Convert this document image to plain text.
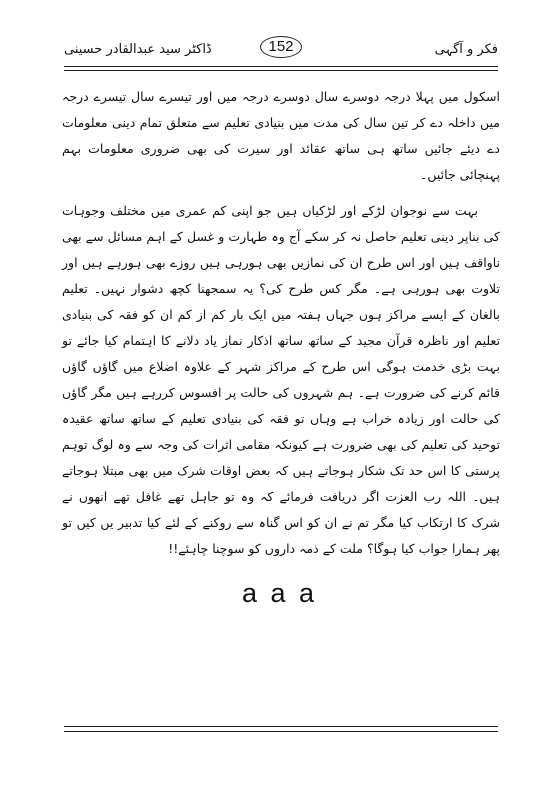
ڈاکٹر سید عبدالقادر حسینی	152	فکر و آگہی

اسکول میں پہلا درجہ دوسرے سال دوسرے درجہ میں اور تیسرے سال تیسرے درجہ میں داخلہ دے کر تین سال کی مدت میں بنیادی تعلیم سے متعلق تمام دینی معلومات دے دیئے جائیں ساتھ ہی ساتھ عقائد اور سیرت کی بھی ضروری معلومات بہم پہنچائی جائیں۔

بہت سے نوجوان لڑکے اور لڑکیاں ہیں جو اپنی کم عمری میں مختلف وجوہات کی بناپر دینی تعلیم حاصل نہ کر سکے آج وہ طہارت و غسل کے اہم مسائل سے بھی ناواقف ہیں اور اس طرح ان کی نمازیں بھی ہورہی ہیں روزے بھی ہورہے ہیں اور تلاوت بھی ہورہی ہے۔ مگر کس طرح کی؟ یہ سمجھنا کچھ دشوار نہیں۔ تعلیم بالغان کے ایسے مراکز ہوں جہاں ہفتہ میں ایک بار کم از کم ان کو فقہ کی بنیادی تعلیم اور ناظرہ قرآن مجید کے ساتھ ساتھ اذکار نماز یاد دلانے کا اہتمام کیا جائے تو بہت بڑی خدمت ہوگی اس طرح کے مراکز شہر کے علاوہ اضلاع میں گاؤں گاؤں قائم کرنے کی ضرورت ہے۔ ہم شہروں کی حالت پر افسوس کررہے ہیں مگر گاؤں کی حالت اور زیادہ خراب ہے وہاں تو فقہ کی بنیادی تعلیم کے ساتھ ساتھ عقیدہ توحید کی تعلیم کی بھی ضرورت ہے کیونکہ مقامی اثرات کی وجہ سے وہ لوگ توہم پرستی کا اس حد تک شکار ہوجاتے ہیں کہ بعض اوقات شرک میں بھی مبتلا ہوجاتے ہیں۔ اللہ رب العزت اگر دریافت فرمائے کہ وہ تو جاہل تھے غافل تھے انھوں نے شرک کا ارتکاب کیا مگر تم نے ان کو اس گناہ سے روکنے کے لئے کیا تدبیر یں کیں تو پھر ہمارا جواب کیا ہوگا؟ ملت کے ذمہ داروں کو سوچنا چاہئے!!

a a a
